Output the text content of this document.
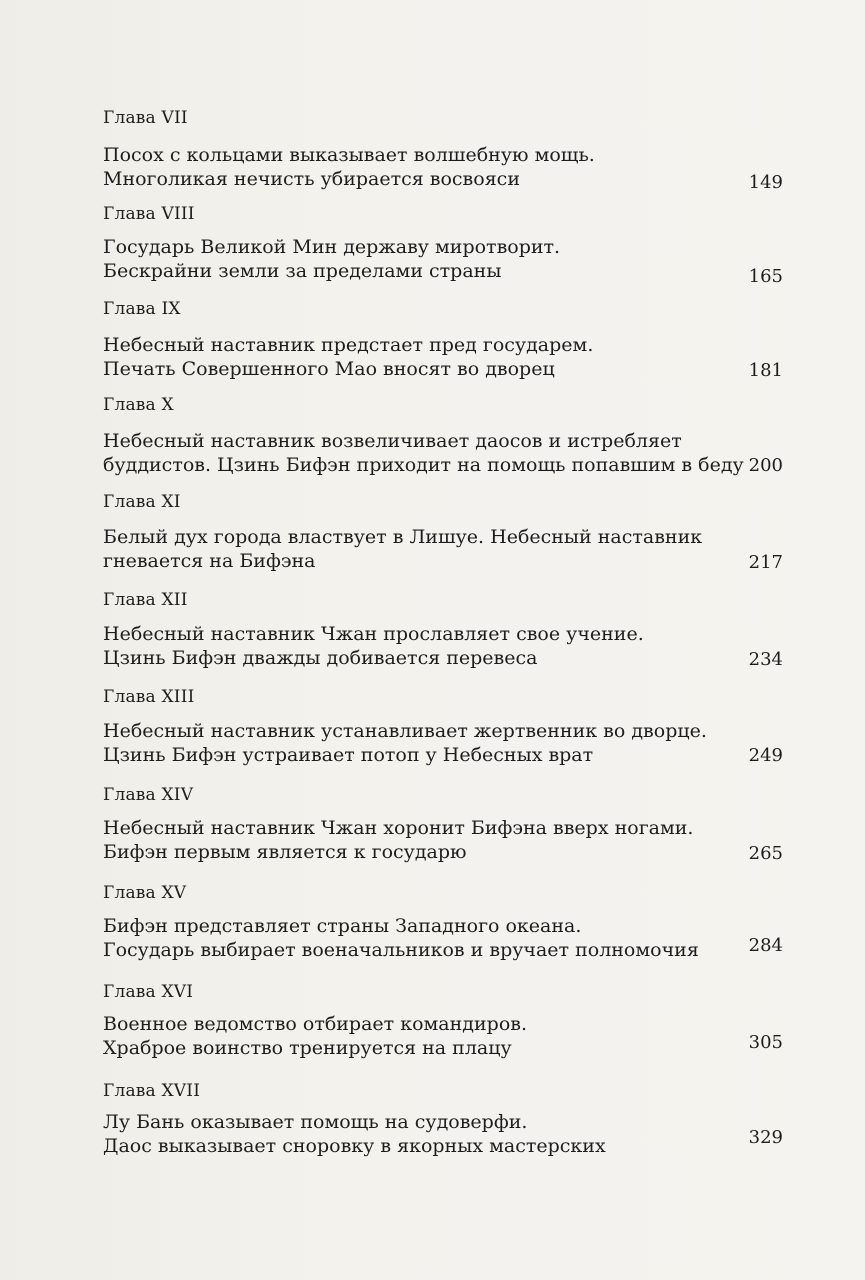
Глава VII
Посох с кольцами выказывает волшебную мощь.
Многоликая нечисть убирается восвояси	149
Глава VIII
Государь Великой Мин державу миротворит.
Бескрайни земли за пределами страны	165
Глава IX
Небесный наставник предстает пред государем.
Печать Совершенного Мао вносят во дворец	181
Глава X
Небесный наставник возвеличивает даосов и истребляет
буддистов. Цзинь Бифэн приходит на помощь попавшим в беду 200
Глава XI
Белый дух города властвует в Лишуе. Небесный наставник
гневается на Бифэна	217
Глава XII
Небесный наставник Чжан прославляет свое учение.
Цзинь Бифэн дважды добивается перевеса	234
Глава XIII
Небесный наставник устанавливает жертвенник во дворце.
Цзинь Бифэн устраивает потоп у Небесных врат	249
Глава XIV
Небесный наставник Чжан хоронит Бифэна вверх ногами.
Бифэн первым является к государю	265
Глава XV
Бифэн представляет страны Западного океана.
Государь выбирает военачальников и вручает полномочия	284
Глава XVI
Военное ведомство отбирает командиров.
Храброе воинство тренируется на плацу	305
Глава XVII
Лу Бань оказывает помощь на судоверфи.
Даос выказывает сноровку в якорных мастерских	329
